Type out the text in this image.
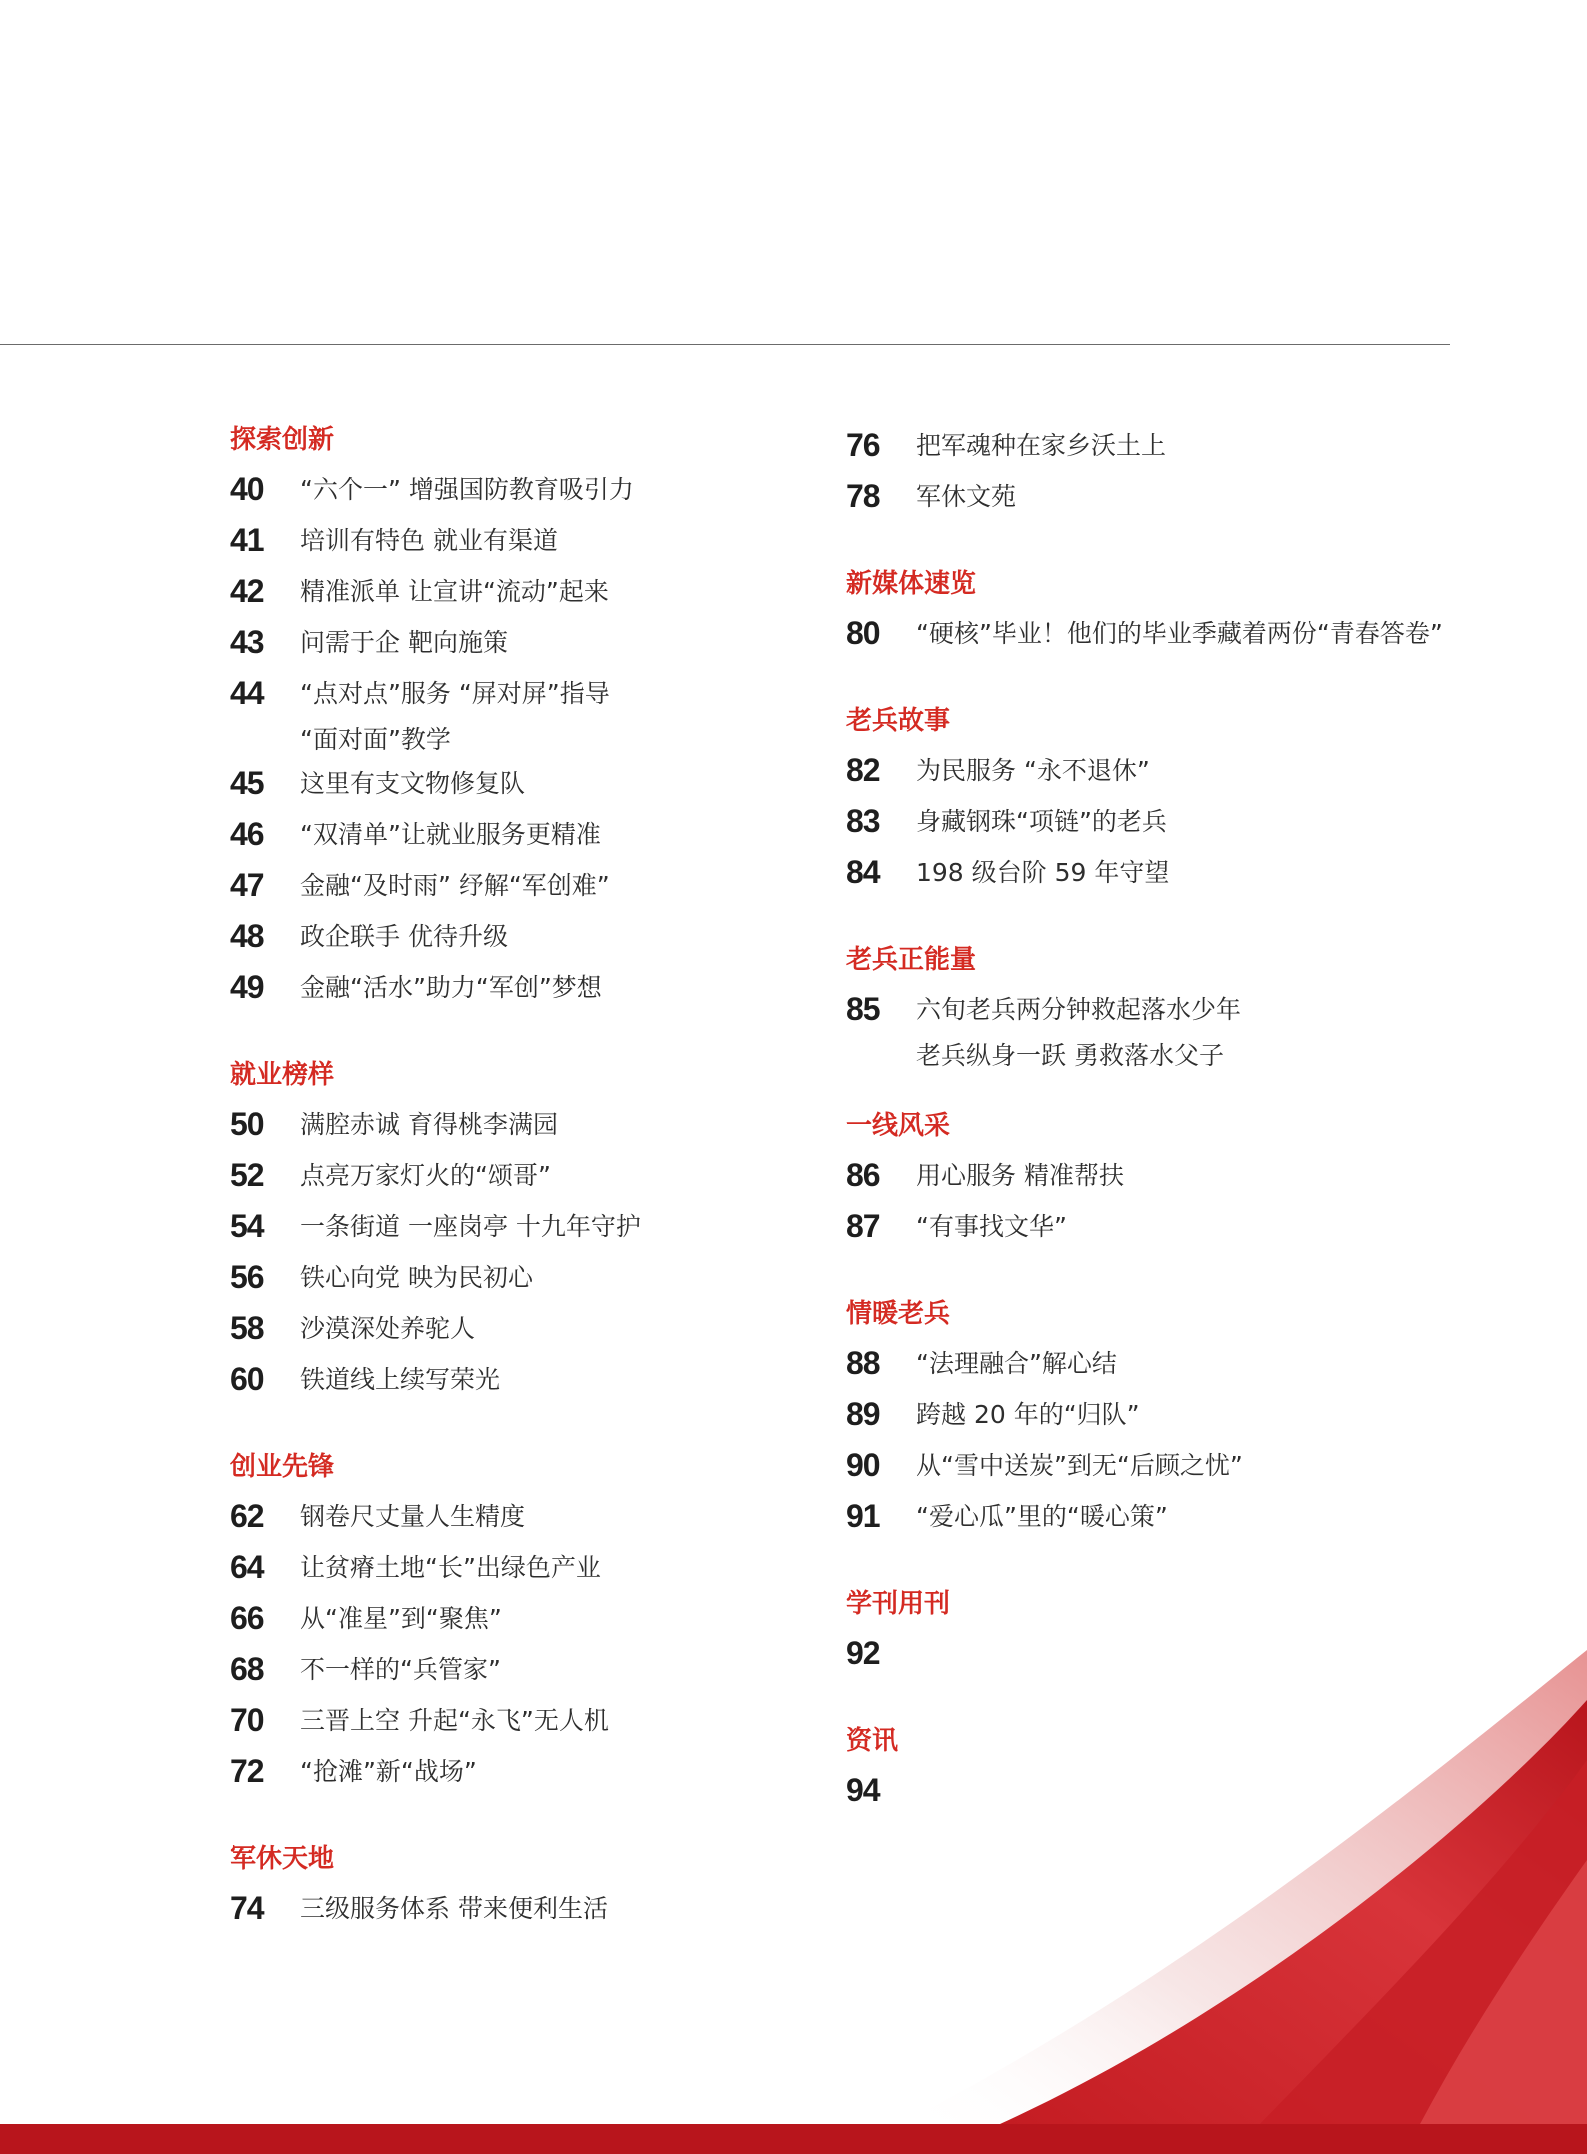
探索创新
40	“六个一” 增强国防教育吸引力
41	培训有特色 就业有渠道
42	精准派单 让宣讲“流动”起来
43	问需于企 靶向施策
44	“点对点”服务 “屏对屏”指导
“面对面”教学
45	这里有支文物修复队
46	“双清单”让就业服务更精准
47	金融“及时雨” 纾解“军创难”
48	政企联手 优待升级
49	金融“活水”助力“军创”梦想
就业榜样
50	满腔赤诚 育得桃李满园
52	点亮万家灯火的“颂哥”
54	一条街道 一座岗亭 十九年守护
56	铁心向党 映为民初心
58	沙漠深处养驼人
60	铁道线上续写荣光
创业先锋
62	钢卷尺丈量人生精度
64	让贫瘠土地“长”出绿色产业
66	从“准星”到“聚焦”
68	不一样的“兵管家”
70	三晋上空 升起“永飞”无人机
72	“抢滩”新“战场”
军休天地
74	三级服务体系 带来便利生活
76	把军魂种在家乡沃土上
78	军休文苑
新媒体速览
80	“硬核”毕业！他们的毕业季藏着两份“青春答卷”
老兵故事
82	为民服务 “永不退休”
83	身藏钢珠“项链”的老兵
84	198 级台阶 59 年守望
老兵正能量
85	六旬老兵两分钟救起落水少年
老兵纵身一跃 勇救落水父子
一线风采
86	用心服务 精准帮扶
87	“有事找文华”
情暖老兵
88	“法理融合”解心结
89	跨越 20 年的“归队”
90	从“雪中送炭”到无“后顾之忧”
91	“爱心瓜”里的“暖心策”
学刊用刊
92
资讯
94
